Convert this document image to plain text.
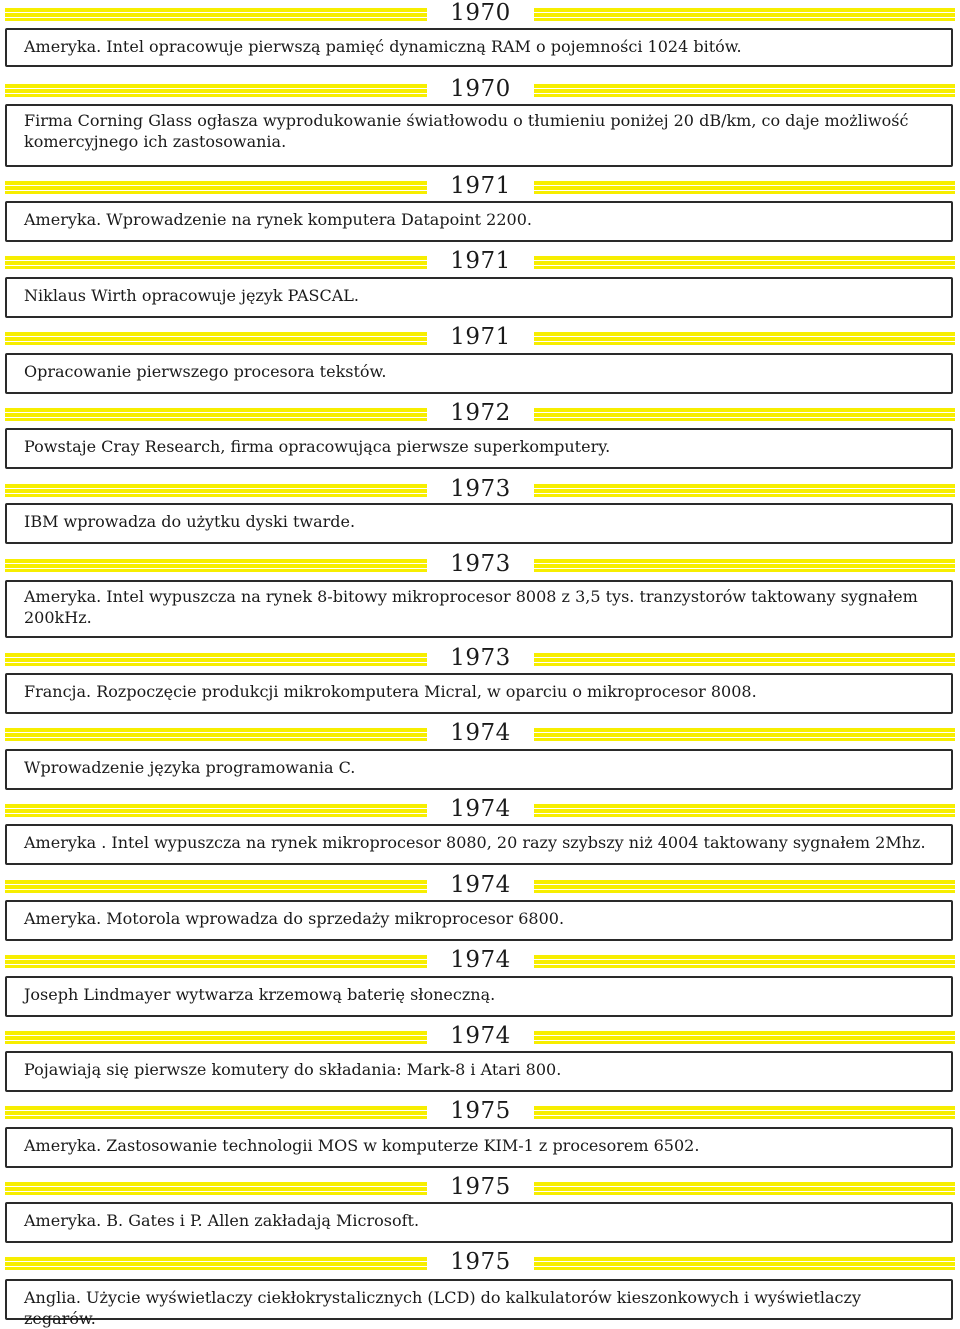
1970
Ameryka. Intel opracowuje pierwszą pamięć dynamiczną RAM o pojemności 1024 bitów.
1970
Firma Corning Glass ogłasza wyprodukowanie światłowodu o tłumieniu poniżej 20 dB/km, co daje możliwość komercyjnego ich zastosowania.
1971
Ameryka. Wprowadzenie na rynek komputera Datapoint 2200.
1971
Niklaus Wirth opracowuje język PASCAL.
1971
Opracowanie pierwszego procesora tekstów.
1972
Powstaje Cray Research, firma opracowująca pierwsze superkomputery.
1973
IBM wprowadza do użytku dyski twarde.
1973
Ameryka. Intel wypuszcza na rynek 8-bitowy mikroprocesor 8008 z 3,5 tys. tranzystorów taktowany sygnałem 200kHz.
1973
Francja. Rozpoczęcie produkcji mikrokomputera Micral, w oparciu o mikroprocesor 8008.
1974
Wprowadzenie języka programowania C.
1974
Ameryka . Intel wypuszcza na rynek mikroprocesor 8080, 20 razy szybszy niż 4004 taktowany sygnałem 2Mhz.
1974
Ameryka. Motorola wprowadza do sprzedaży mikroprocesor 6800.
1974
Joseph Lindmayer wytwarza krzemową baterię słoneczną.
1974
Pojawiają się pierwsze komutery do składania: Mark-8 i Atari 800.
1975
Ameryka. Zastosowanie technologii MOS w komputerze KIM-1 z procesorem 6502.
1975
Ameryka. B. Gates i P. Allen zakładają Microsoft.
1975
Anglia. Użycie wyświetlaczy ciekłokrystalicznych (LCD) do kalkulatorów kieszonkowych i wyświetlaczy zegarów.
